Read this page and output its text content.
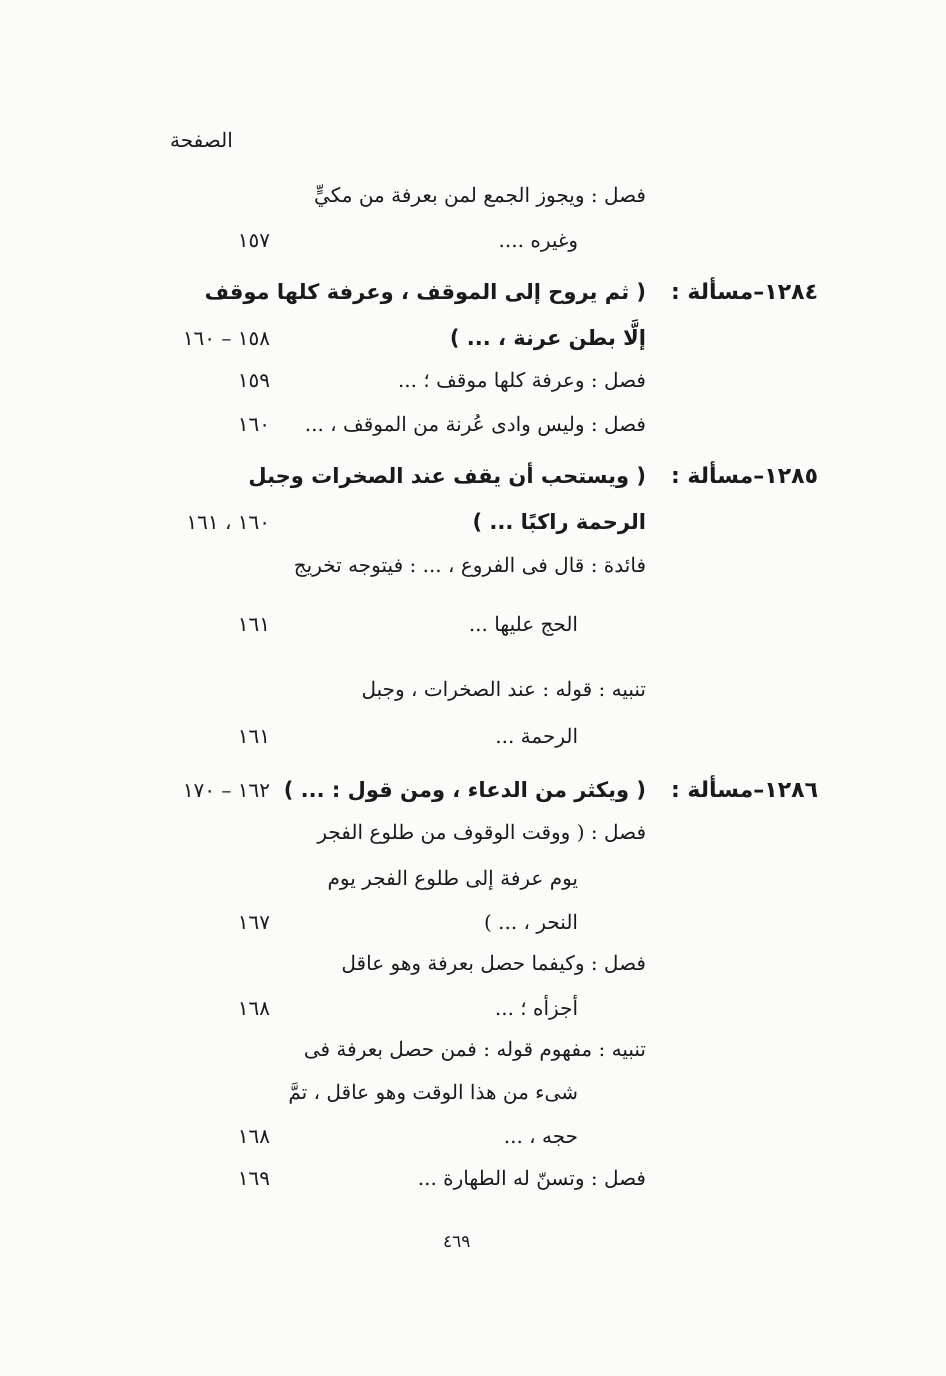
الصفحة
فصل : ويجوز الجمع لمن بعرفة من مكيٍّ
وغيره ....
١٥٧
١٢٨٤–مسألة :
( ثم يروح إلى الموقف ، وعرفة كلها موقف
إلَّا بطن عرنة ، ... )
١٥٨ – ١٦٠
فصل : وعرفة كلها موقف ؛ ...
١٥٩
فصل : وليس وادى عُرنة من الموقف ، ...
١٦٠
١٢٨٥–مسألة :
( ويستحب أن يقف عند الصخرات وجبل
الرحمة راكبًا ... )
١٦٠ ، ١٦١
فائدة : قال فى الفروع ، ... : فيتوجه تخريج
الحج عليها ...
١٦١
تنبيه : قوله : عند الصخرات ، وجبل
الرحمة ...
١٦١
١٢٨٦–مسألة :
( ويكثر من الدعاء ، ومن قول : ... )
١٦٢ – ١٧٠
فصل : ( ووقت الوقوف من طلوع الفجر
يوم عرفة إلى طلوع الفجر يوم
النحر ، ... )
١٦٧
فصل : وكيفما حصل بعرفة وهو عاقل
أجزأه ؛ ...
١٦٨
تنبيه : مفهوم قوله : فمن حصل بعرفة فى
شىء من هذا الوقت وهو عاقل ، تمَّ
حجه ، ...
١٦٨
فصل : وتسنّ له الطهارة ...
١٦٩
٤٦٩
